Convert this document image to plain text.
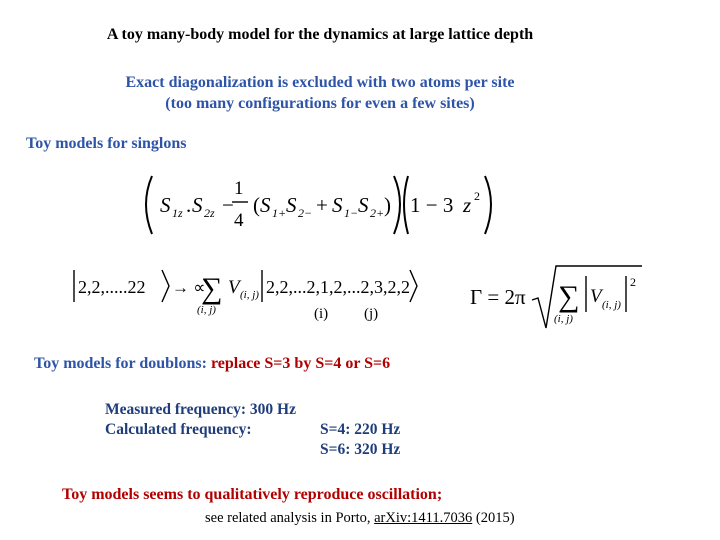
A toy many-body model for the dynamics at large lattice depth
Exact diagonalization is excluded with two atoms per site
(too many configurations for even a few sites)
Toy models for singlons
S 1z . S 2z −
1
4
( S 1+ S 2− + S 1− S 2+ ) 1 − 3 z 2
2,2,.....22 → ∝
∑
(i, j)
V (i, j) 2,2,...2,1,2,...2,3,2,2
(i) (j)
Γ = 2π ∑
(i, j)
V (i, j)
2
Toy models for doublons: replace S=3 by S=4 or S=6
Measured frequency: 300 Hz
Calculated frequency:	S=4: 220 Hz
S=6: 320 Hz
Toy models seems to qualitatively reproduce oscillation;
see related analysis in Porto, arXiv:1411.7036 (2015)
